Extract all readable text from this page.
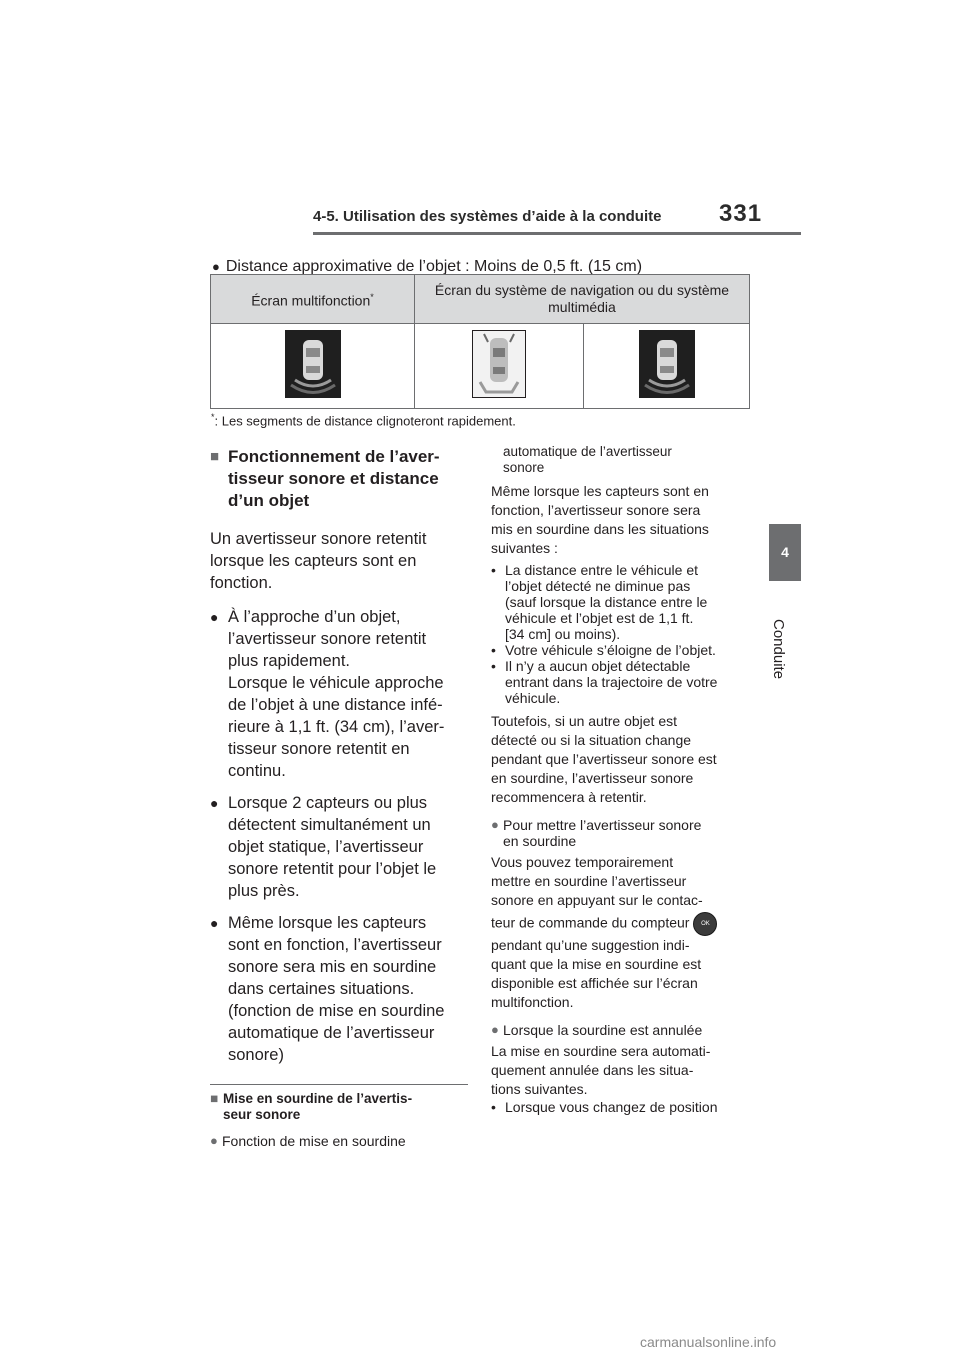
4-5. Utilisation des systèmes d’aide à la conduite 331
4
Conduite
● Distance approximative de l’objet : Moins de 0,5 ft. (15 cm)
Écran multifonction*	Écran du système de navigation ou du système multimédia	

*: Les segments de distance clignoteront rapidement.
■ Fonctionnement de l’aver-
tisseur sonore et distance
d’un objet

Un avertisseur sonore retentit

lorsque les capteurs sont en

fonction.

● À l’approche d’un objet,
l’avertisseur sonore retentit
plus rapidement.
Lorsque le véhicule approche
de l’objet à une distance infé-
rieure à 1,1 ft. (34 cm), l’aver-
tisseur sonore retentit en
continu.
● Lorsque 2 capteurs ou plus
détectent simultanément un
objet statique, l’avertisseur
sonore retentit pour l’objet le
plus près.
● Même lorsque les capteurs
sont en fonction, l’avertisseur
sonore sera mis en sourdine
dans certaines situations.
(fonction de mise en sourdine
automatique de l’avertisseur
sonore)
■ Mise en sourdine de l’avertis-
seur sonore
● Fonction de mise en sourdine
automatique de l’avertisseur
sonore
Même lorsque les capteurs sont en
fonction, l’avertisseur sonore sera
mis en sourdine dans les situations
suivantes :
• La distance entre le véhicule et
l’objet détecté ne diminue pas
(sauf lorsque la distance entre le
véhicule et l’objet est de 1,1 ft.
[34 cm] ou moins).
• Votre véhicule s’éloigne de l’objet.
• Il n’y a aucun objet détectable
entrant dans la trajectoire de votre
véhicule.
Toutefois, si un autre objet est
détecté ou si la situation change
pendant que l’avertisseur sonore est
en sourdine, l’avertisseur sonore
recommencera à retentir.
● Pour mettre l’avertisseur sonore
en sourdine
Vous pouvez temporairement
mettre en sourdine l’avertisseur
sonore en appuyant sur le contac-
teur de commande du compteur OK
pendant qu’une suggestion indi-
quant que la mise en sourdine est
disponible est affichée sur l’écran
multifonction.
● Lorsque la sourdine est annulée
La mise en sourdine sera automati-
quement annulée dans les situa-
tions suivantes.
• Lorsque vous changez de position
carmanualsonline.info
